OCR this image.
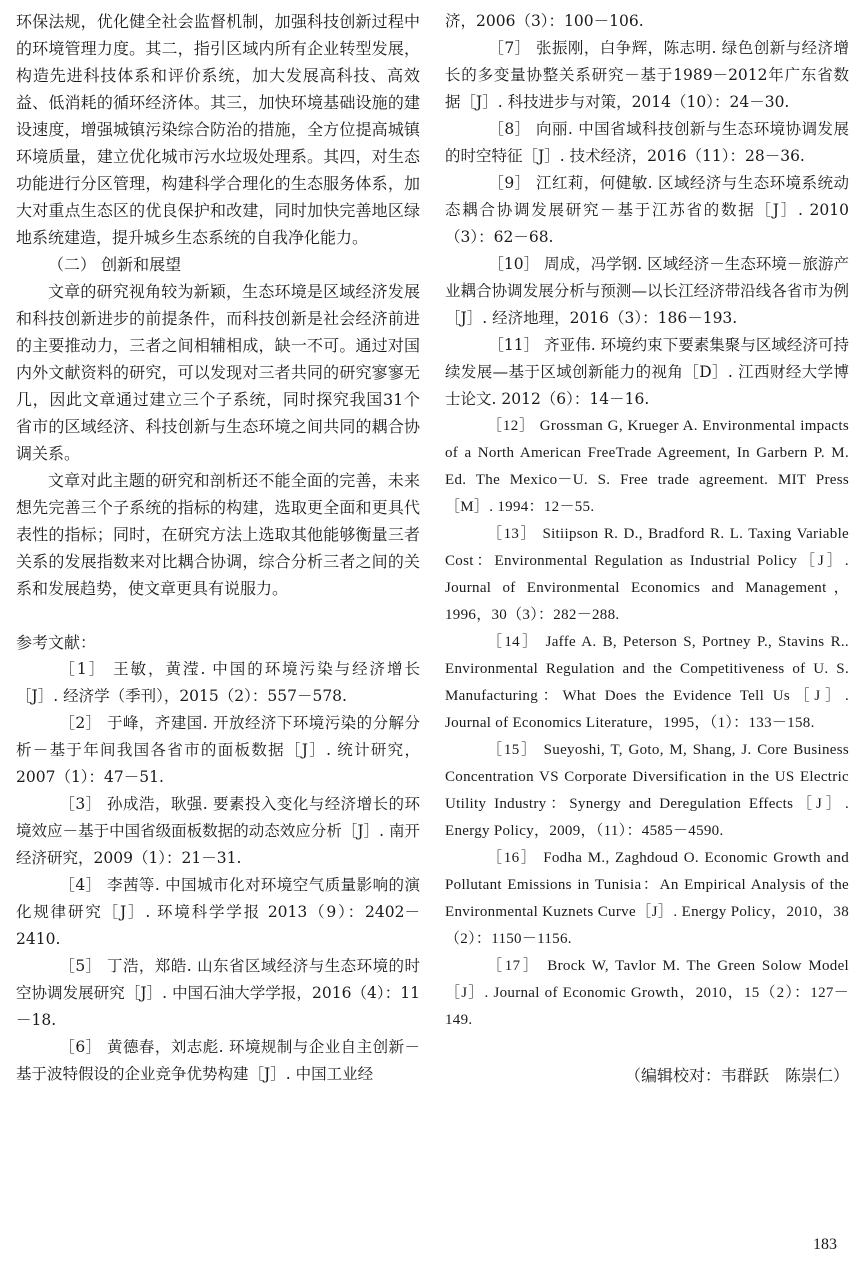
环保法规，优化健全社会监督机制，加强科技创新过程中的环境管理力度。其二，指引区域内所有企业转型发展，构造先进科技体系和评价系统，加大发展高科技、高效益、低消耗的循环经济体。其三，加快环境基础设施的建设速度，增强城镇污染综合防治的措施，全方位提高城镇环境质量，建立优化城市污水垃圾处理系。其四，对生态功能进行分区管理，构建科学合理化的生态服务体系，加大对重点生态区的优良保护和改建，同时加快完善地区绿地系统建造，提升城乡生态系统的自我净化能力。

（二） 创新和展望

文章的研究视角较为新颖，生态环境是区域经济发展和科技创新进步的前提条件，而科技创新是社会经济前进的主要推动力，三者之间相辅相成，缺一不可。通过对国内外文献资料的研究，可以发现对三者共同的研究寥寥无几，因此文章通过建立三个子系统，同时探究我国31个省市的区域经济、科技创新与生态环境之间共同的耦合协调关系。

文章对此主题的研究和剖析还不能全面的完善，未来想先完善三个子系统的指标的构建，选取更全面和更具代表性的指标；同时，在研究方法上选取其他能够衡量三者关系的发展指数来对比耦合协调，综合分析三者之间的关系和发展趋势，使文章更具有说服力。

参考文献：

［1］ 王敏，黄滢. 中国的环境污染与经济增长［J］. 经济学（季刊），2015（2）：557－578.

［2］ 于峰，齐建国. 开放经济下环境污染的分解分析－基于年间我国各省市的面板数据［J］. 统计研究，2007（1）：47－51.

［3］ 孙成浩，耿强. 要素投入变化与经济增长的环境效应－基于中国省级面板数据的动态效应分析［J］. 南开经济研究，2009（1）：21－31.

［4］ 李茜等. 中国城市化对环境空气质量影响的演化规律研究［J］. 环境科学学报 2013（9）：2402－2410.

［5］ 丁浩，郑皓. 山东省区域经济与生态环境的时空协调发展研究［J］. 中国石油大学学报，2016（4）：11－18.

［6］ 黄德春，刘志彪. 环境规制与企业自主创新－基于波特假设的企业竞争优势构建［J］. 中国工业经

济，2006（3）：100－106.

［7］ 张振刚，白争辉，陈志明. 绿色创新与经济增长的多变量协整关系研究－基于1989－2012年广东省数据［J］. 科技进步与对策，2014（10）：24－30.

［8］ 向丽. 中国省域科技创新与生态环境协调发展的时空特征［J］. 技术经济，2016（11）：28－36.

［9］ 江红莉，何健敏. 区域经济与生态环境系统动态耦合协调发展研究－基于江苏省的数据［J］. 2010（3）：62－68.

［10］ 周成，冯学钢. 区域经济－生态环境－旅游产业耦合协调发展分析与预测—以长江经济带沿线各省市为例［J］. 经济地理，2016（3）：186－193.

［11］ 齐亚伟. 环境约束下要素集聚与区域经济可持续发展—基于区域创新能力的视角［D］. 江西财经大学博士论文. 2012（6）：14－16.

［12］ Grossman G, Krueger A. Environmental impacts of a North American FreeTrade Agreement, In Garbern P. M. Ed. The Mexico－U. S. Free trade agreement. MIT Press［M］. 1994：12－55.

［13］ Sitiipson R. D., Bradford R. L. Taxing Variable Cost：Environmental Regulation as Industrial Policy［J］. Journal of Environmental Economics and Management，1996，30（3）：282－288.

［14］ Jaffe A. B, Peterson S, Portney P., Stavins R.. Environmental Regulation and the Competitiveness of U. S. Manufacturing：What Does the Evidence Tell Us［J］. Journal of Economics Literature，1995，（1）：133－158.

［15］ Sueyoshi, T, Goto, M, Shang, J. Core Business Concentration VS Corporate Diversification in the US Electric Utility Industry：Synergy and Deregulation Effects［J］. Energy Policy，2009，（11）：4585－4590.

［16］ Fodha M., Zaghdoud O. Economic Growth and Pollutant Emissions in Tunisia：An Empirical Analysis of the Environmental Kuznets Curve［J］. Energy Policy，2010，38（2）：1150－1156.

［17］ Brock W, Tavlor M. The Green Solow Model［J］. Journal of Economic Growth，2010，15（2）：127－149.

（编辑校对：韦群跃　陈崇仁）

183
